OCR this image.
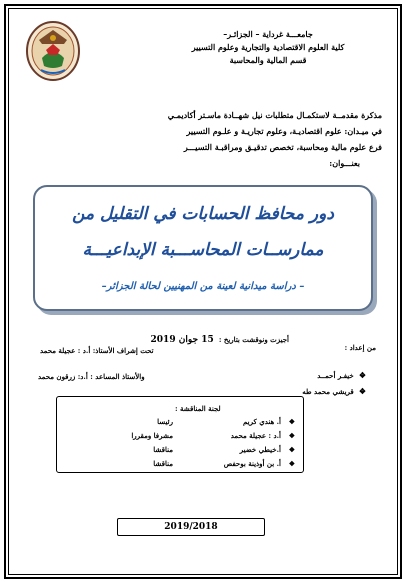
جامعـــة غرداية – الجزائـر–
كلية العلوم الاقتصادية والتجارية وعلوم التسيير
قسم المالية والمحاسبة
مذكرة مقدمــة لاستكمـال متطلبات نيل شهــادة ماسـتر أكاديمـي
في ميـدان: علوم اقتصاديـة، وعلوم تجاريـة و علـوم التسيير
فرع علوم مالية ومحاسبة، تخصص تدقيـق ومراقبـة التسيـــر
بعنـــوان:
دور محافظ الحسابات في التقليل من
ممارســات المحاســـبة الإبداعيـــة
– دراسة ميدانية لعينة من المهنيين لحالة الجزائر–
أجيزت ونوقشت بتاريخ : 15 جوان 2019
من إعداد :
❖ خيفـر أحمــد
❖ قريشي محمد طه
تحت إشراف الأستاذ: أ.د : عجيلة محمد
والأستاذ المساعد : أ.د: زرقون محمد
لجنة المناقشة :
❖
أ. هندي كريم
رئيسا
❖
أ.د : عجيلة محمد
مشرفا ومقررا
❖
أ.خيطي خضير
مناقشا
❖
أ. بن أوذينة بوحفص
مناقشا
2019/2018
